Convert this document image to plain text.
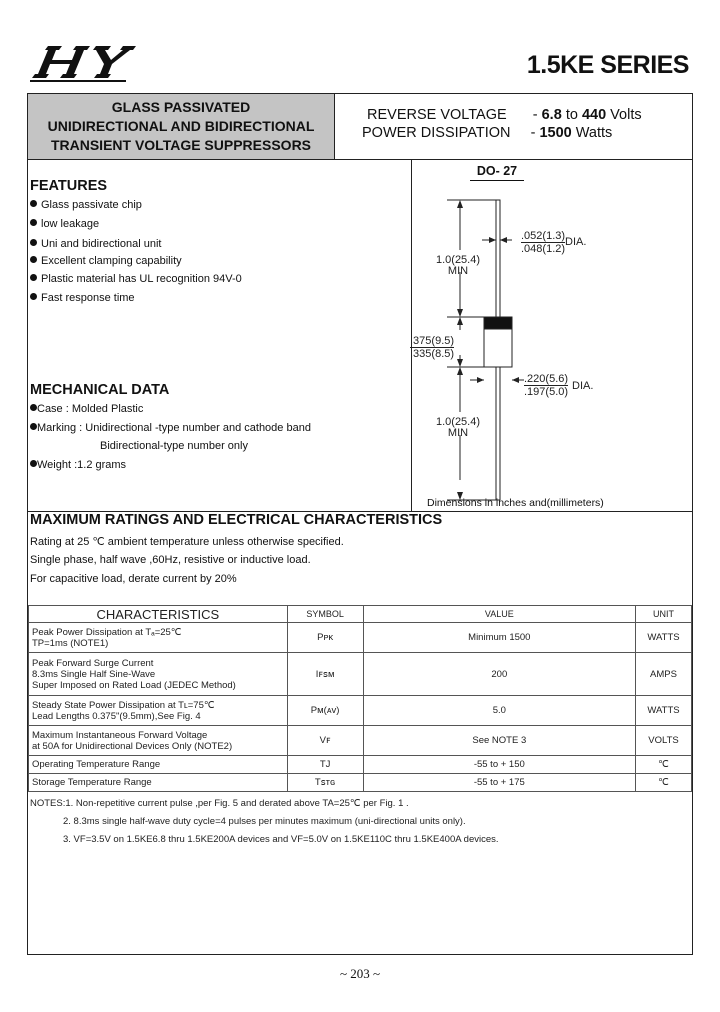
1.5KE SERIES
GLASS PASSIVATED
UNIDIRECTIONAL AND BIDIRECTIONAL
TRANSIENT VOLTAGE SUPPRESSORS
REVERSE VOLTAGE - 6.8 to 440 Volts
POWER DISSIPATION - 1500 Watts
FEATURES
Glass passivate chip
low leakage
Uni and bidirectional unit
Excellent clamping capability
Plastic material has UL recognition 94V-0
Fast response time
MECHANICAL DATA
Case : Molded Plastic
Marking : Unidirectional -type number and cathode band
Bidirectional-type number only
Weight :1.2 grams
DO- 27
1.0(25.4)
MIN
.052(1.3)
.048(1.2)
DIA.
.375(9.5)
.335(8.5)
.220(5.6)
.197(5.0) DIA.
1.0(25.4)
MIN
Dimensions in inches and(millimeters)
MAXIMUM RATINGS AND ELECTRICAL CHARACTERISTICS
Rating at 25 ℃ ambient temperature unless otherwise specified.
Single phase, half wave ,60Hz, resistive or inductive load.
For capacitive load, derate current by 20%
CHARACTERISTICS	SYMBOL	VALUE	UNIT

Peak Power Dissipation at Tₐ=25℃
TP=1ms (NOTE1)	Pᴘᴋ	Minimum 1500	WATTS

Peak Forward Surge Current
8.3ms Single Half Sine-Wave
Super Imposed on Rated Load (JEDEC Method)	Iꜰꜱᴍ	200	AMPS

Steady State Power Dissipation at Tʟ=75℃
Lead Lengths 0.375"(9.5mm),See Fig. 4	Pᴍ(ᴀᴠ)	5.0	WATTS

Maximum Instantaneous Forward Voltage
at 50A for Unidirectional Devices Only (NOTE2)	Vꜰ	See NOTE 3	VOLTS
Operating Temperature Range	TJ	-55 to + 150	℃
Storage Temperature Range	Tꜱᴛɢ	-55 to + 175	℃
NOTES:1. Non-repetitive current pulse ,per Fig. 5 and derated above TA=25℃ per Fig. 1 .
2. 8.3ms single half-wave duty cycle=4 pulses per minutes maximum (uni-directional units only).
3. VF=3.5V on 1.5KE6.8 thru 1.5KE200A devices and VF=5.0V on 1.5KE110C thru 1.5KE400A devices.
~ 203 ~
